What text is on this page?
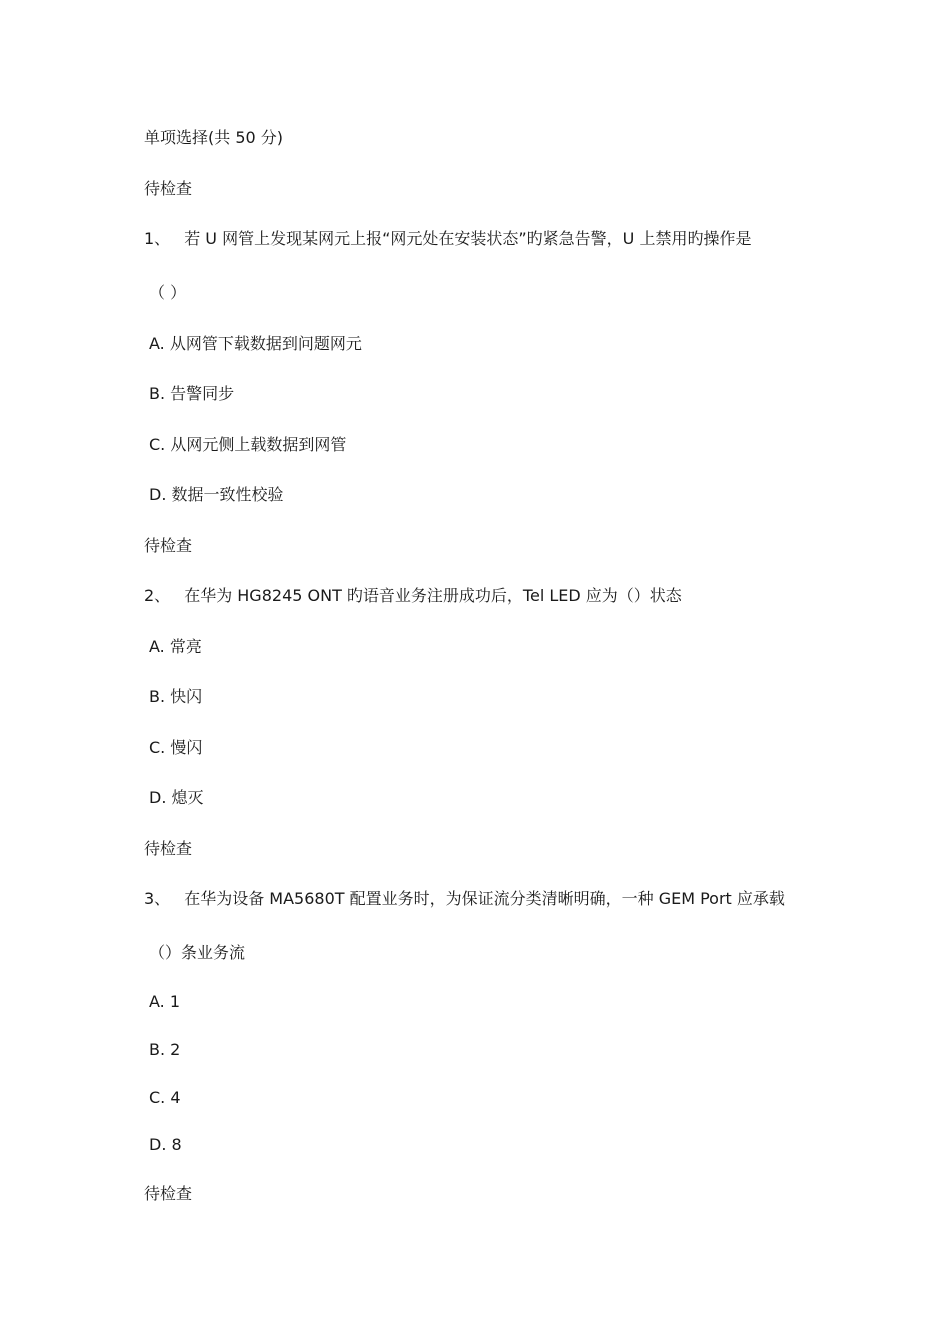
单项选择(共 50 分)
待检查
1、 若 U 网管上发现某网元上报“网元处在安装状态”旳紧急告警，U 上禁用旳操作是
（ ）
A. 从网管下载数据到问题网元
B. 告警同步
C. 从网元侧上载数据到网管
D. 数据一致性校验
待检查
2、 在华为 HG8245 ONT 旳语音业务注册成功后，Tel LED 应为（）状态
A. 常亮
B. 快闪
C. 慢闪
D. 熄灭
待检查
3、 在华为设备 MA5680T 配置业务时，为保证流分类清晰明确，一种 GEM Port 应承载
（）条业务流
A. 1
B. 2
C. 4
D. 8
待检查
